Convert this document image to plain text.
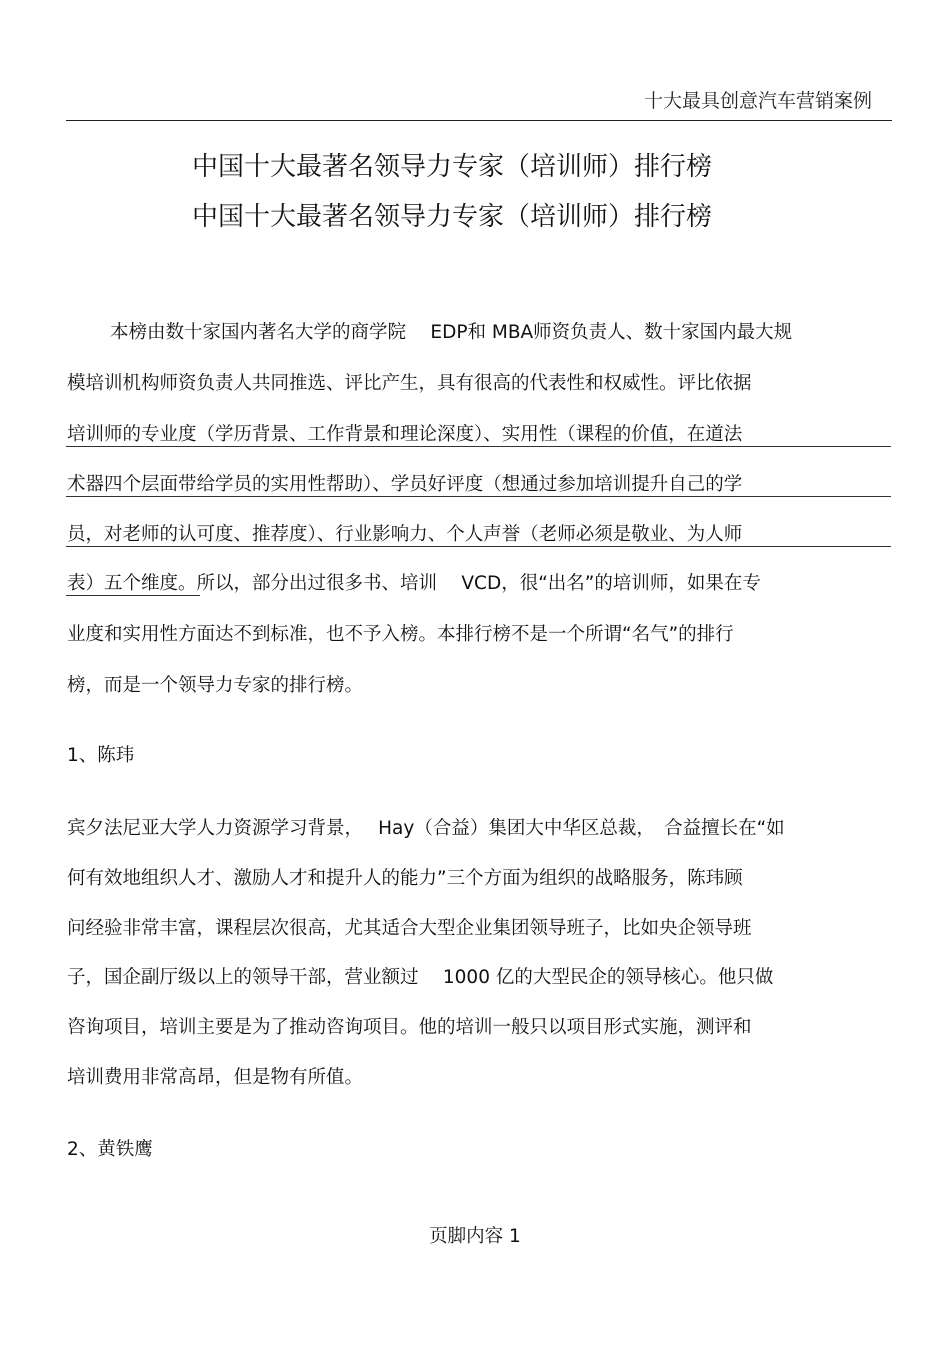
十大最具创意汽车营销案例
中国十大最著名领导力专家（培训师）排行榜
中国十大最著名领导力专家（培训师）排行榜
本榜由数十家国内著名大学的商学院　 EDP和 MBA师资负责人、数十家国内最大规
模培训机构师资负责人共同推选、评比产生，具有很高的代表性和权威性。评比依据
培训师的专业度（学历背景、工作背景和理论深度）、实用性（课程的价值，在道法
术器四个层面带给学员的实用性帮助）、学员好评度（想通过参加培训提升自己的学
员，对老师的认可度、推荐度）、行业影响力、个人声誉（老师必须是敬业、为人师
表）五个维度。所以，部分出过很多书、培训　 VCD，很“出名”的培训师，如果在专
业度和实用性方面达不到标准，也不予入榜。本排行榜不是一个所谓“名气”的排行
榜，而是一个领导力专家的排行榜。
1、陈玮
宾夕法尼亚大学人力资源学习背景，　 Hay（合益）集团大中华区总裁，　合益擅长在“如
何有效地组织人才、激励人才和提升人的能力”三个方面为组织的战略服务，陈玮顾
问经验非常丰富，课程层次很高，尤其适合大型企业集团领导班子，比如央企领导班
子，国企副厅级以上的领导干部，营业额过　 1000 亿的大型民企的领导核心。他只做
咨询项目，培训主要是为了推动咨询项目。他的培训一般只以项目形式实施，测评和
培训费用非常高昂，但是物有所值。
2、黄铁鹰
页脚内容 1
